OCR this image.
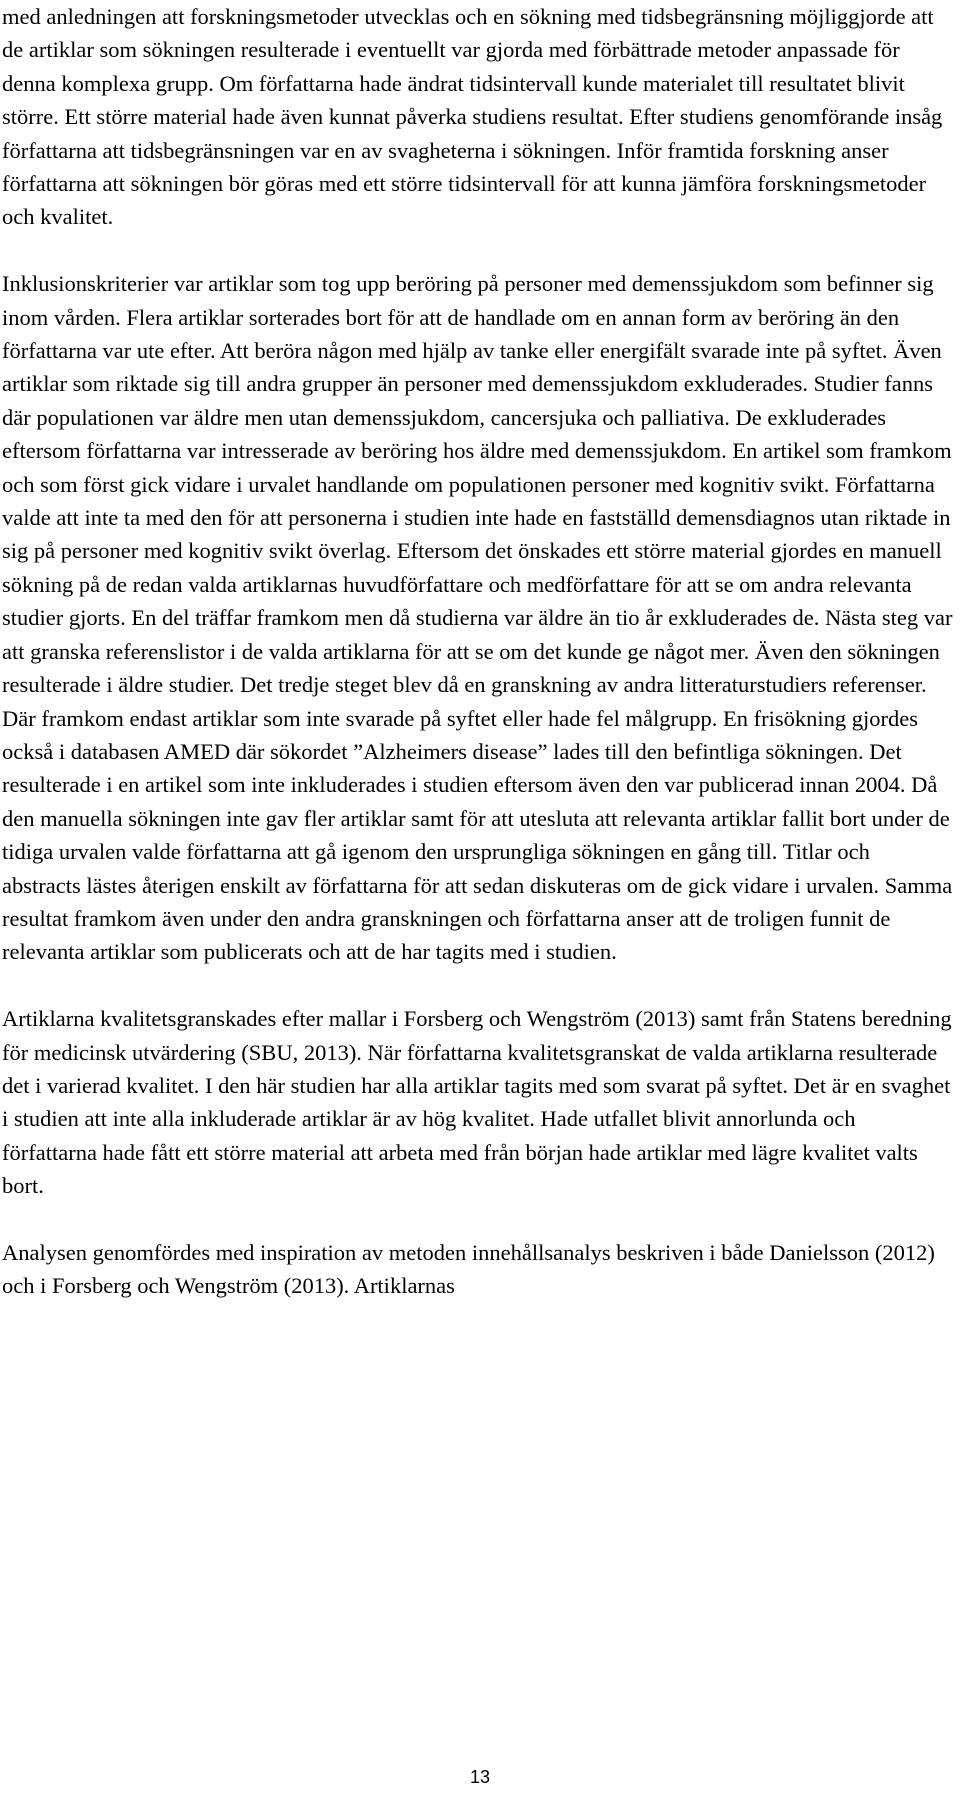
med anledningen att forskningsmetoder utvecklas och en sökning med tidsbegränsning möjliggjorde att de artiklar som sökningen resulterade i eventuellt var gjorda med förbättrade metoder anpassade för denna komplexa grupp. Om författarna hade ändrat tidsintervall kunde materialet till resultatet blivit större. Ett större material hade även kunnat påverka studiens resultat. Efter studiens genomförande insåg författarna att tidsbegränsningen var en av svagheterna i sökningen. Inför framtida forskning anser författarna att sökningen bör göras med ett större tidsintervall för att kunna jämföra forskningsmetoder och kvalitet.

Inklusionskriterier var artiklar som tog upp beröring på personer med demenssjukdom som befinner sig inom vården. Flera artiklar sorterades bort för att de handlade om en annan form av beröring än den författarna var ute efter. Att beröra någon med hjälp av tanke eller energifält svarade inte på syftet. Även artiklar som riktade sig till andra grupper än personer med demenssjukdom exkluderades. Studier fanns där populationen var äldre men utan demenssjukdom, cancersjuka och palliativa. De exkluderades eftersom författarna var intresserade av beröring hos äldre med demenssjukdom. En artikel som framkom och som först gick vidare i urvalet handlande om populationen personer med kognitiv svikt. Författarna valde att inte ta med den för att personerna i studien inte hade en fastställd demensdiagnos utan riktade in sig på personer med kognitiv svikt överlag. Eftersom det önskades ett större material gjordes en manuell sökning på de redan valda artiklarnas huvudförfattare och medförfattare för att se om andra relevanta studier gjorts. En del träffar framkom men då studierna var äldre än tio år exkluderades de. Nästa steg var att granska referenslistor i de valda artiklarna för att se om det kunde ge något mer. Även den sökningen resulterade i äldre studier. Det tredje steget blev då en granskning av andra litteraturstudiers referenser. Där framkom endast artiklar som inte svarade på syftet eller hade fel målgrupp. En frisökning gjordes också i databasen AMED där sökordet ”Alzheimers disease” lades till den befintliga sökningen. Det resulterade i en artikel som inte inkluderades i studien eftersom även den var publicerad innan 2004. Då den manuella sökningen inte gav fler artiklar samt för att utesluta att relevanta artiklar fallit bort under de tidiga urvalen valde författarna att gå igenom den ursprungliga sökningen en gång till. Titlar och abstracts lästes återigen enskilt av författarna för att sedan diskuteras om de gick vidare i urvalen. Samma resultat framkom även under den andra granskningen och författarna anser att de troligen funnit de relevanta artiklar som publicerats och att de har tagits med i studien.

Artiklarna kvalitetsgranskades efter mallar i Forsberg och Wengström (2013) samt från Statens beredning för medicinsk utvärdering (SBU, 2013). När författarna kvalitetsgranskat de valda artiklarna resulterade det i varierad kvalitet. I den här studien har alla artiklar tagits med som svarat på syftet. Det är en svaghet i studien att inte alla inkluderade artiklar är av hög kvalitet. Hade utfallet blivit annorlunda och författarna hade fått ett större material att arbeta med från början hade artiklar med lägre kvalitet valts bort.

Analysen genomfördes med inspiration av metoden innehållsanalys beskriven i både Danielsson (2012) och i Forsberg och Wengström (2013). Artiklarnas

13
